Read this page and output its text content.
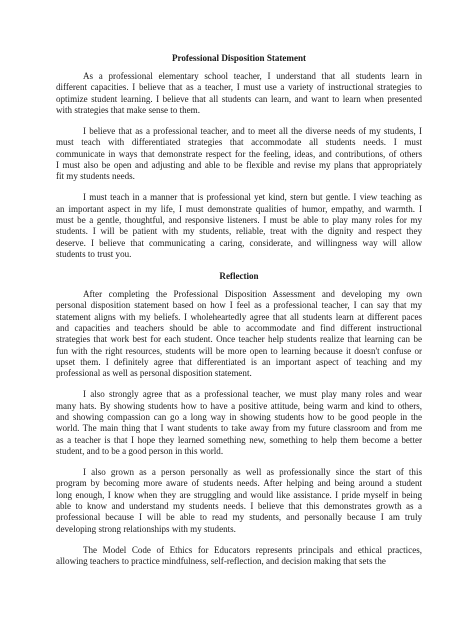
Professional Disposition Statement
As a professional elementary school teacher, I understand that all students learn in
different capacities. I believe that as a teacher, I must use a variety of instructional strategies to
optimize student learning. I believe that all students can learn, and want to learn when presented
with strategies that make sense to them.
I believe that as a professional teacher, and to meet all the diverse needs of my students, I
must teach with differentiated strategies that accommodate all students needs. I must
communicate in ways that demonstrate respect for the feeling, ideas, and contributions, of others
I must also be open and adjusting and able to be flexible and revise my plans that appropriately
fit my students needs.
I must teach in a manner that is professional yet kind, stern but gentle. I view teaching as
an important aspect in my life, I must demonstrate qualities of humor, empathy, and warmth. I
must be a gentle, thoughtful, and responsive listeners. I must be able to play many roles for my
students. I will be patient with my students, reliable, treat with the dignity and respect they
deserve. I believe that communicating a caring, considerate, and willingness way will allow
students to trust you.
Reflection
After completing the Professional Disposition Assessment and developing my own
personal disposition statement based on how I feel as a professional teacher, I can say that my
statement aligns with my beliefs. I wholeheartedly agree that all students learn at different paces
and capacities and teachers should be able to accommodate and find different instructional
strategies that work best for each student. Once teacher help students realize that learning can be
fun with the right resources, students will be more open to learning because it doesn't confuse or
upset them. I definitely agree that differentiated is an important aspect of teaching and my
professional as well as personal disposition statement.
I also strongly agree that as a professional teacher, we must play many roles and wear
many hats. By showing students how to have a positive attitude, being warm and kind to others,
and showing compassion can go a long way in showing students how to be good people in the
world. The main thing that I want students to take away from my future classroom and from me
as a teacher is that I hope they learned something new, something to help them become a better
student, and to be a good person in this world.
I also grown as a person personally as well as professionally since the start of this
program by becoming more aware of students needs. After helping and being around a student
long enough, I know when they are struggling and would like assistance. I pride myself in being
able to know and understand my students needs. I believe that this demonstrates growth as a
professional because I will be able to read my students, and personally because I am truly
developing strong relationships with my students.
The Model Code of Ethics for Educators represents principals and ethical practices,
allowing teachers to practice mindfulness, self-reflection, and decision making that sets the
